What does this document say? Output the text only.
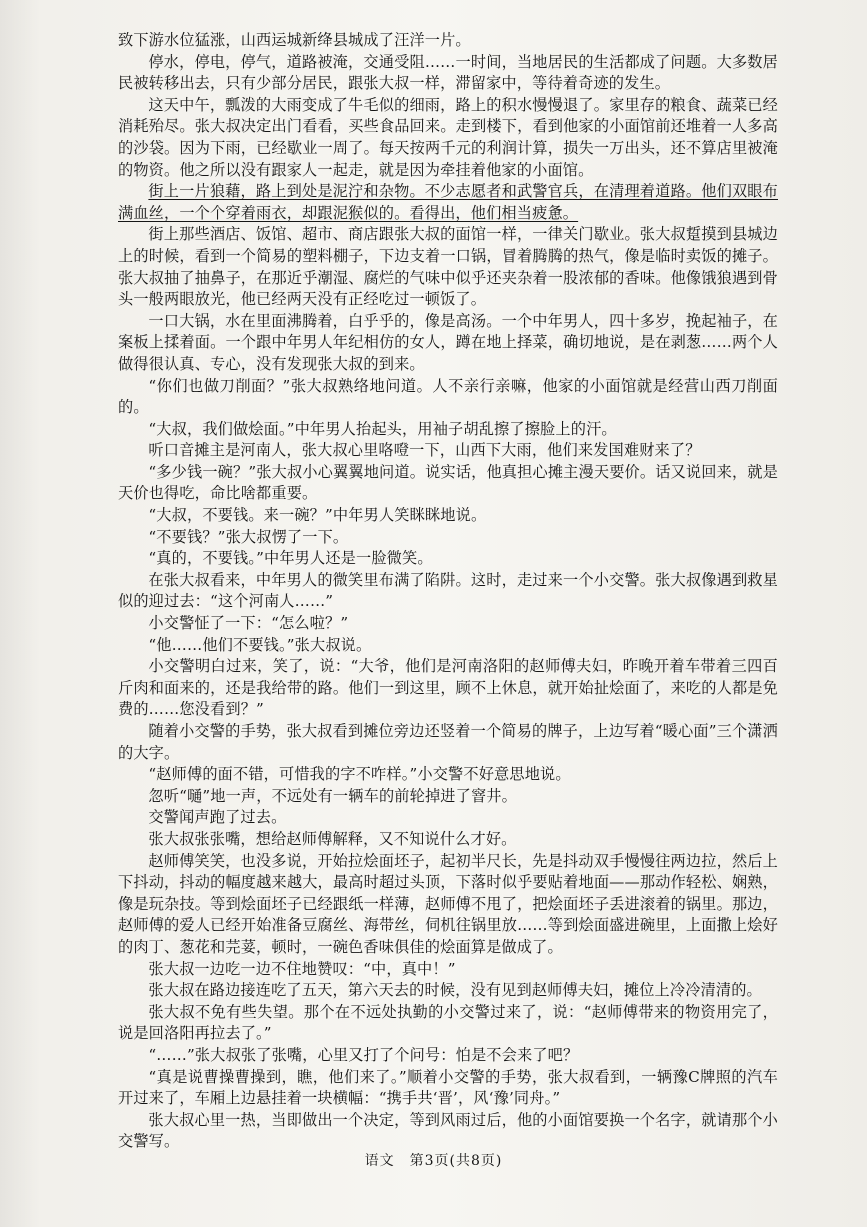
致下游水位猛涨，山西运城新绛县城成了汪洋一片。

停水，停电，停气，道路被淹，交通受阻……一时间，当地居民的生活都成了问题。大多数居民被转移出去，只有少部分居民，跟张大叔一样，滞留家中，等待着奇迹的发生。

这天中午，瓢泼的大雨变成了牛毛似的细雨，路上的积水慢慢退了。家里存的粮食、蔬菜已经消耗殆尽。张大叔决定出门看看，买些食品回来。走到楼下，看到他家的小面馆前还堆着一人多高的沙袋。因为下雨，已经歇业一周了。每天按两千元的利润计算，损失一万出头，还不算店里被淹的物资。他之所以没有跟家人一起走，就是因为牵挂着他家的小面馆。

街上一片狼藉，路上到处是泥泞和杂物。不少志愿者和武警官兵，在清理着道路。他们双眼布满血丝，一个个穿着雨衣，却跟泥猴似的。看得出，他们相当疲惫。

街上那些酒店、饭馆、超市、商店跟张大叔的面馆一样，一律关门歇业。张大叔踅摸到县城边上的时候，看到一个简易的塑料棚子，下边支着一口锅，冒着腾腾的热气，像是临时卖饭的摊子。张大叔抽了抽鼻子，在那近乎潮湿、腐烂的气味中似乎还夹杂着一股浓郁的香味。他像饿狼遇到骨头一般两眼放光，他已经两天没有正经吃过一顿饭了。

一口大锅，水在里面沸腾着，白乎乎的，像是高汤。一个中年男人，四十多岁，挽起袖子，在案板上揉着面。一个跟中年男人年纪相仿的女人，蹲在地上择菜，确切地说，是在剥葱……两个人做得很认真、专心，没有发现张大叔的到来。

“你们也做刀削面？”张大叔熟络地问道。人不亲行亲嘛，他家的小面馆就是经营山西刀削面的。

“大叔，我们做烩面。”中年男人抬起头，用袖子胡乱擦了擦脸上的汗。

听口音摊主是河南人，张大叔心里咯噔一下，山西下大雨，他们来发国难财来了？

“多少钱一碗？”张大叔小心翼翼地问道。说实话，他真担心摊主漫天要价。话又说回来，就是天价也得吃，命比啥都重要。

“大叔，不要钱。来一碗？”中年男人笑眯眯地说。

“不要钱？”张大叔愣了一下。

“真的，不要钱。”中年男人还是一脸微笑。

在张大叔看来，中年男人的微笑里布满了陷阱。这时，走过来一个小交警。张大叔像遇到救星似的迎过去：“这个河南人……”

小交警怔了一下：“怎么啦？”

“他……他们不要钱。”张大叔说。

小交警明白过来，笑了，说：“大爷，他们是河南洛阳的赵师傅夫妇，昨晚开着车带着三四百斤肉和面来的，还是我给带的路。他们一到这里，顾不上休息，就开始扯烩面了，来吃的人都是免费的……您没看到？”

随着小交警的手势，张大叔看到摊位旁边还竖着一个简易的牌子，上边写着“暖心面”三个潇洒的大字。

“赵师傅的面不错，可惜我的字不咋样。”小交警不好意思地说。

忽听“嗵”地一声，不远处有一辆车的前轮掉进了窨井。

交警闻声跑了过去。

张大叔张张嘴，想给赵师傅解释，又不知说什么才好。

赵师傅笑笑，也没多说，开始拉烩面坯子，起初半尺长，先是抖动双手慢慢往两边拉，然后上下抖动，抖动的幅度越来越大，最高时超过头顶，下落时似乎要贴着地面——那动作轻松、娴熟，像是玩杂技。等到烩面坯子已经跟纸一样薄，赵师傅不甩了，把烩面坯子丢进滚着的锅里。那边，赵师傅的爱人已经开始准备豆腐丝、海带丝，伺机往锅里放……等到烩面盛进碗里，上面撒上烩好的肉丁、葱花和芫荽，顿时，一碗色香味俱佳的烩面算是做成了。

张大叔一边吃一边不住地赞叹：“中，真中！”

张大叔在路边接连吃了五天，第六天去的时候，没有见到赵师傅夫妇，摊位上冷冷清清的。

张大叔不免有些失望。那个在不远处执勤的小交警过来了，说：“赵师傅带来的物资用完了，说是回洛阳再拉去了。”

“……”张大叔张了张嘴，心里又打了个问号：怕是不会来了吧？

“真是说曹操曹操到，瞧，他们来了。”顺着小交警的手势，张大叔看到，一辆豫C牌照的汽车开过来了，车厢上边悬挂着一块横幅：“携手共‘晋’，风‘豫’同舟。”

张大叔心里一热，当即做出一个决定，等到风雨过后，他的小面馆要换一个名字，就请那个小交警写。

语文　第3页(共8页)
